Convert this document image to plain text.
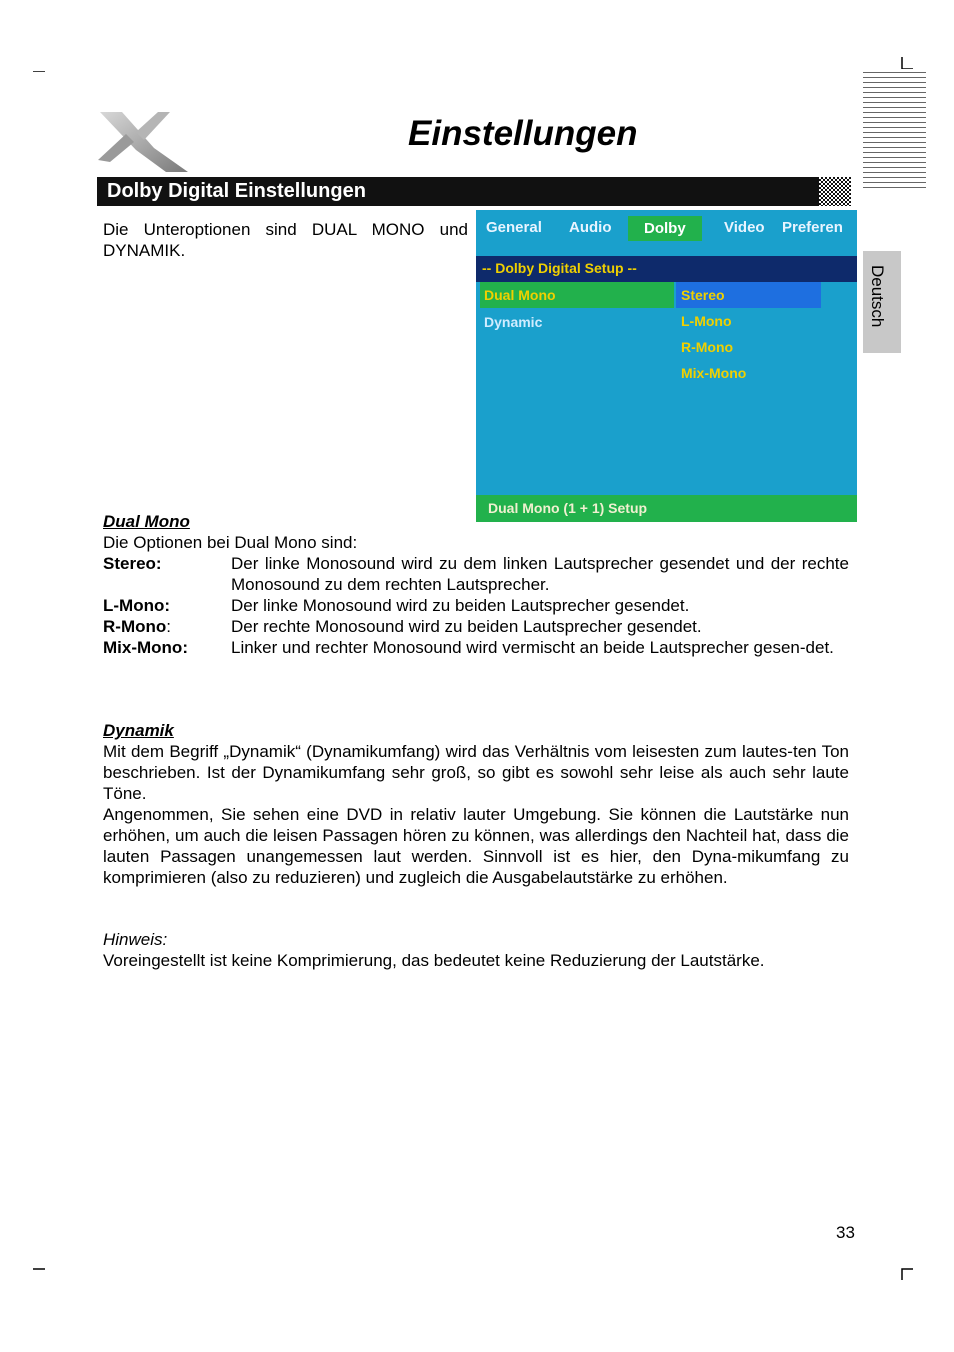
Einstellungen
Deutsch
Dolby Digital Einstellungen
Die Unteroptionen sind DUAL MONO und DYNAMIK.
General Audio	Dolby	Video Preferen
-- Dolby Digital Setup --
Dual Mono
Dynamic
Stereo
L-Mono
R-Mono
Mix-Mono
Dual Mono (1 + 1) Setup
Dual Mono
Die Optionen bei Dual Mono sind:
Stereo:	Der linke Monosound wird zu dem linken Lautsprecher gesendet und der rechte Monosound zu dem rechten Lautsprecher.
L-Mono:	Der linke Monosound wird zu beiden Lautsprecher gesendet.
R-Mono:	Der rechte Monosound wird zu beiden Lautsprecher gesendet.
Mix-Mono:	Linker und rechter Monosound wird vermischt an beide Lautsprecher gesen-det.
Dynamik
Mit dem Begriff „Dynamik“ (Dynamikumfang) wird das Verhältnis vom leisesten zum lautes-ten Ton beschrieben. Ist der Dynamikumfang sehr groß, so gibt es sowohl sehr leise als auch sehr laute Töne.
Angenommen, Sie sehen eine DVD in relativ lauter Umgebung. Sie können die Lautstärke nun erhöhen, um auch die leisen Passagen hören zu können, was allerdings den Nachteil hat, dass die lauten Passagen unangemessen laut werden. Sinnvoll ist es hier, den Dyna-mikumfang zu komprimieren (also zu reduzieren) und zugleich die Ausgabelautstärke zu erhöhen.
Hinweis:
Voreingestellt ist keine Komprimierung, das bedeutet keine Reduzierung der Lautstärke.
33
